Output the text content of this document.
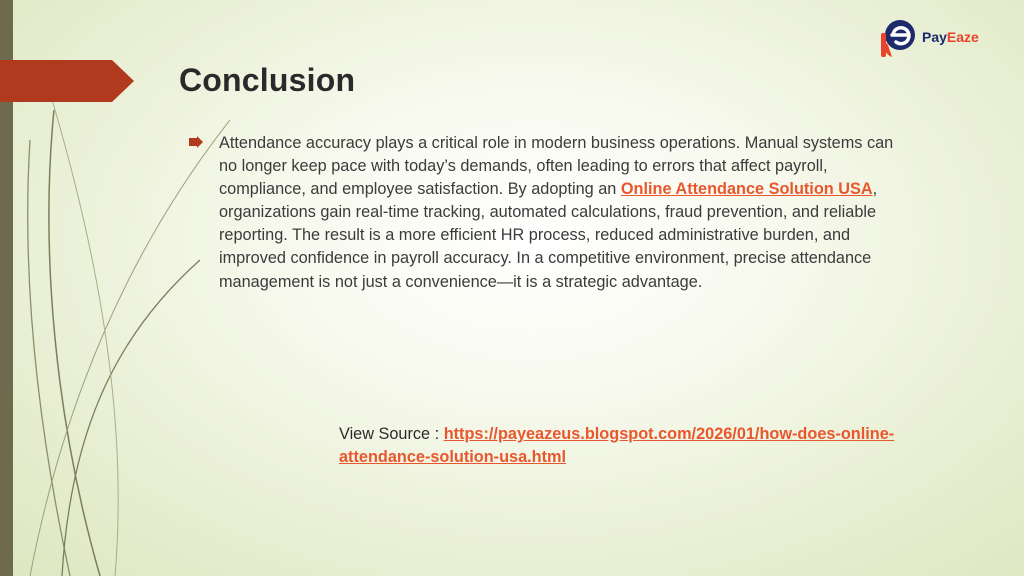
Conclusion
PayEaze

Attendance accuracy plays a critical role in modern business operations. Manual systems can no longer keep pace with today’s demands, often leading to errors that affect payroll, compliance, and employee satisfaction. By adopting an Online Attendance Solution USA, organizations gain real-time tracking, automated calculations, fraud prevention, and reliable reporting. The result is a more efficient HR process, reduced administrative burden, and improved confidence in payroll accuracy. In a competitive environment, precise attendance management is not just a convenience—it is a strategic advantage.

View Source : https://payeazeus.blogspot.com/2026/01/how-does-online-attendance-solution-usa.html
